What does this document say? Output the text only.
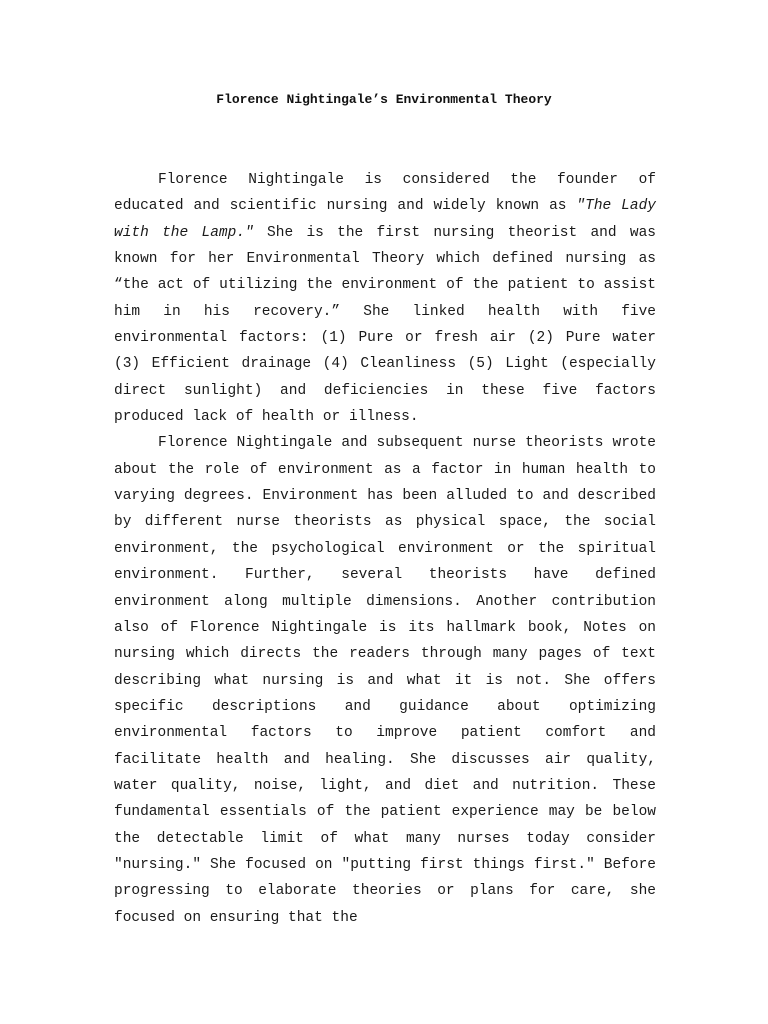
Florence Nightingale’s Environmental Theory

Florence Nightingale is considered the founder of educated and scientific nursing and widely known as "The Lady with the Lamp." She is the first nursing theorist and was known for her Environmental Theory which defined nursing as “the act of utilizing the environment of the patient to assist him in his recovery.” She linked health with five environmental factors: (1) Pure or fresh air (2) Pure water (3) Efficient drainage (4) Cleanliness (5) Light (especially direct sunlight) and deficiencies in these five factors produced lack of health or illness.

Florence Nightingale and subsequent nurse theorists wrote about the role of environment as a factor in human health to varying degrees. Environment has been alluded to and described by different nurse theorists as physical space, the social environment, the psychological environment or the spiritual environment. Further, several theorists have defined environment along multiple dimensions. Another contribution also of Florence Nightingale is its hallmark book, Notes on nursing which directs the readers through many pages of text describing what nursing is and what it is not. She offers specific descriptions and guidance about optimizing environmental factors to improve patient comfort and facilitate health and healing. She discusses air quality, water quality, noise, light, and diet and nutrition. These fundamental essentials of the patient experience may be below the detectable limit of what many nurses today consider "nursing." She focused on "putting first things first." Before progressing to elaborate theories or plans for care, she focused on ensuring that the
